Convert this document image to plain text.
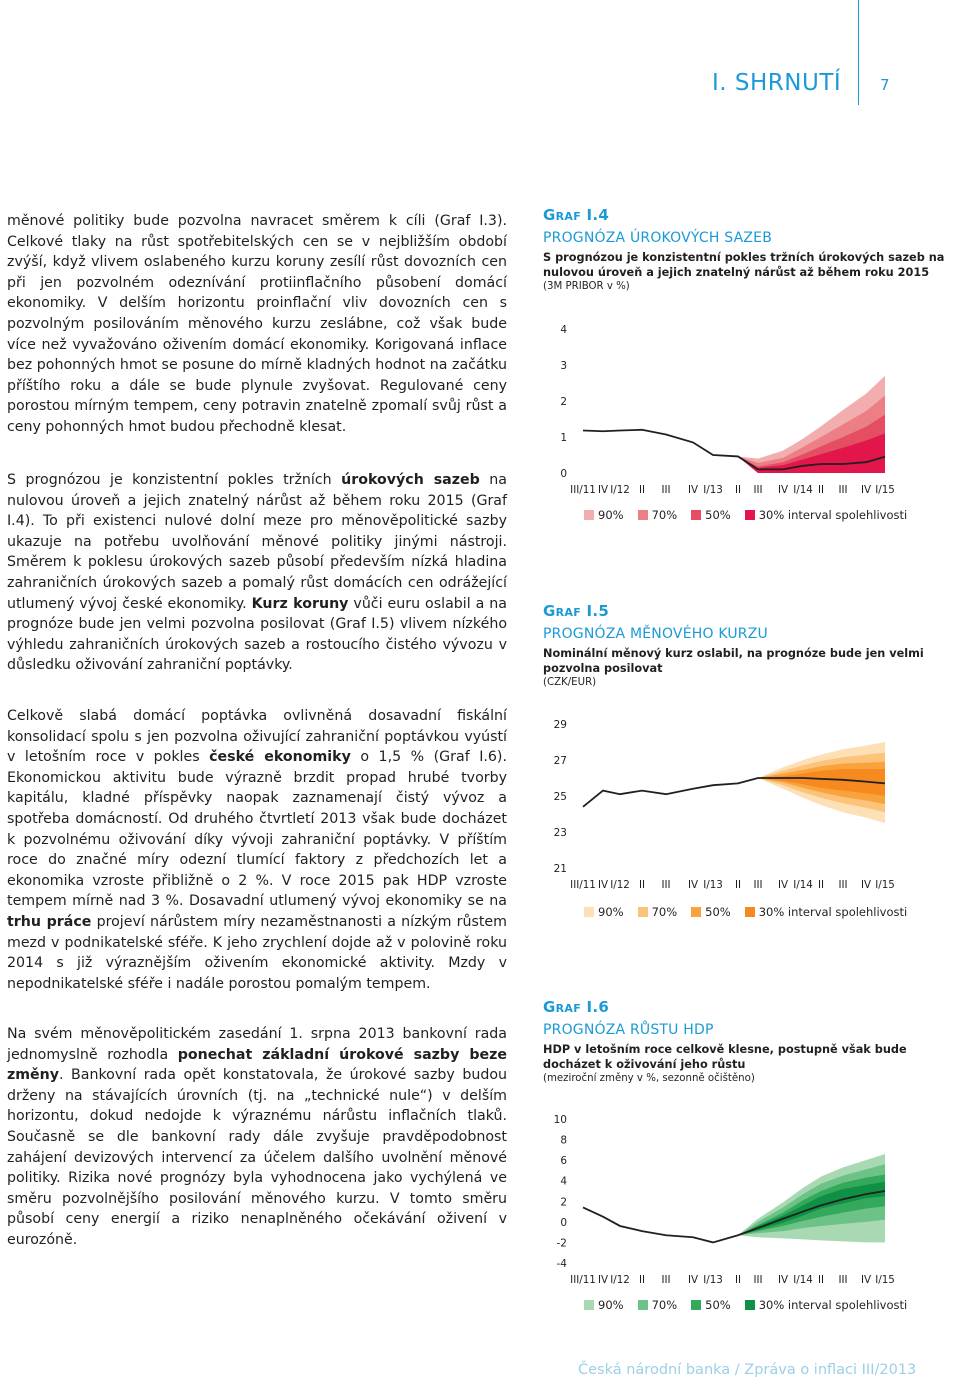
I. SHRNUTÍ	7

měnové politiky bude pozvolna navracet směrem k cíli (Graf I.3). Celkové tlaky na růst spotřebitelských cen se v nejbližším období zvýší, když vlivem oslabeného kurzu koruny zesílí růst dovozních cen při jen pozvolném odeznívání protiinflačního působení domácí ekonomiky. V delším horizontu proinflační vliv dovozních cen s pozvolným posilováním měnového kurzu zeslábne, což však bude více než vyvažováno oživením domácí ekonomiky. Korigovaná inflace bez pohonných hmot se posune do mírně kladných hodnot na začátku příštího roku a dále se bude plynule zvyšovat. Regulované ceny porostou mírným tempem, ceny potravin znatelně zpomalí svůj růst a ceny pohonných hmot budou přechodně klesat.

S prognózou je konzistentní pokles tržních úrokových sazeb na nulovou úroveň a jejich znatelný nárůst až během roku 2015 (Graf I.4). To při existenci nulové dolní meze pro měnověpolitické sazby ukazuje na potřebu uvolňování měnové politiky jinými nástroji. Směrem k poklesu úrokových sazeb působí především nízká hladina zahraničních úrokových sazeb a pomalý růst domácích cen odrážející utlumený vývoj české ekonomiky. Kurz koruny vůči euru oslabil a na prognóze bude jen velmi pozvolna posilovat (Graf I.5) vlivem nízkého výhledu zahraničních úrokových sazeb a rostoucího čistého vývozu v důsledku oživování zahraniční poptávky.

Celkově slabá domácí poptávka ovlivněná dosavadní fiskální konsolidací spolu s jen pozvolna oživující zahraniční poptávkou vyústí v letošním roce v pokles české ekonomiky o 1,5 % (Graf I.6). Ekonomickou aktivitu bude výrazně brzdit propad hrubé tvorby kapitálu, kladné příspěvky naopak zaznamenají čistý vývoz a spotřeba domácností. Od druhého čtvrtletí 2013 však bude docházet k pozvolnému oživování díky vývoji zahraniční poptávky. V příštím roce do značné míry odezní tlumící faktory z předchozích let a ekonomika vzroste přibližně o 2 %. V roce 2015 pak HDP vzroste tempem mírně nad 3 %. Dosavadní utlumený vývoj ekonomiky se na trhu práce projeví nárůstem míry nezaměstnanosti a nízkým růstem mezd v podnikatelské sféře. K jeho zrychlení dojde až v polovině roku 2014 s již výraznějším oživením ekonomické aktivity. Mzdy v nepodnikatelské sféře i nadále porostou pomalým tempem.

Na svém měnověpolitickém zasedání 1. srpna 2013 bankovní rada jednomyslně rozhodla ponechat základní úrokové sazby beze změny. Bankovní rada opět konstatovala, že úrokové sazby budou drženy na stávajících úrovních (tj. na „technické nule“) v delším horizontu, dokud nedojde k výraznému nárůstu inflačních tlaků. Současně se dle bankovní rady dále zvyšuje pravděpodobnost zahájení devizových intervencí za účelem dalšího uvolnění měnové politiky. Rizika nové prognózy byla vyhodnocena jako vychýlená ve směru pozvolnějšího posilování měnového kurzu. V tomto směru působí ceny energií a riziko nenaplněného očekávání oživení v eurozóně.

Graf I.4
PROGNÓZA ÚROKOVÝCH SAZEB
S prognózou je konzistentní pokles tržních úrokových sazeb na nulovou úroveň a jejich znatelný nárůst až během roku 2015
(3M PRIBOR v %)
0
1
2
3
4
III/11 IV I/12 II III IV I/13 II III IV I/14 II III IV I/15
90% 70% 50% 30% interval spolehlivosti
Graf I.5
PROGNÓZA MĚNOVÉHO KURZU
Nominální měnový kurz oslabil, na prognóze bude jen velmi pozvolna posilovat
(CZK/EUR)
21
23
25
27
29
III/11 IV I/12 II III IV I/13 II III IV I/14 II III IV I/15
90% 70% 50% 30% interval spolehlivosti
Graf I.6
PROGNÓZA RŮSTU HDP
HDP v letošním roce celkově klesne, postupně však bude docházet k oživování jeho růstu
(meziroční změny v %, sezonně očištěno)
-4
-2
0
2
4
6
8
10
III/11 IV I/12 II III IV I/13 II III IV I/14 II III IV I/15
90% 70% 50% 30% interval spolehlivosti
Česká národní banka / Zpráva o inflaci III/2013
